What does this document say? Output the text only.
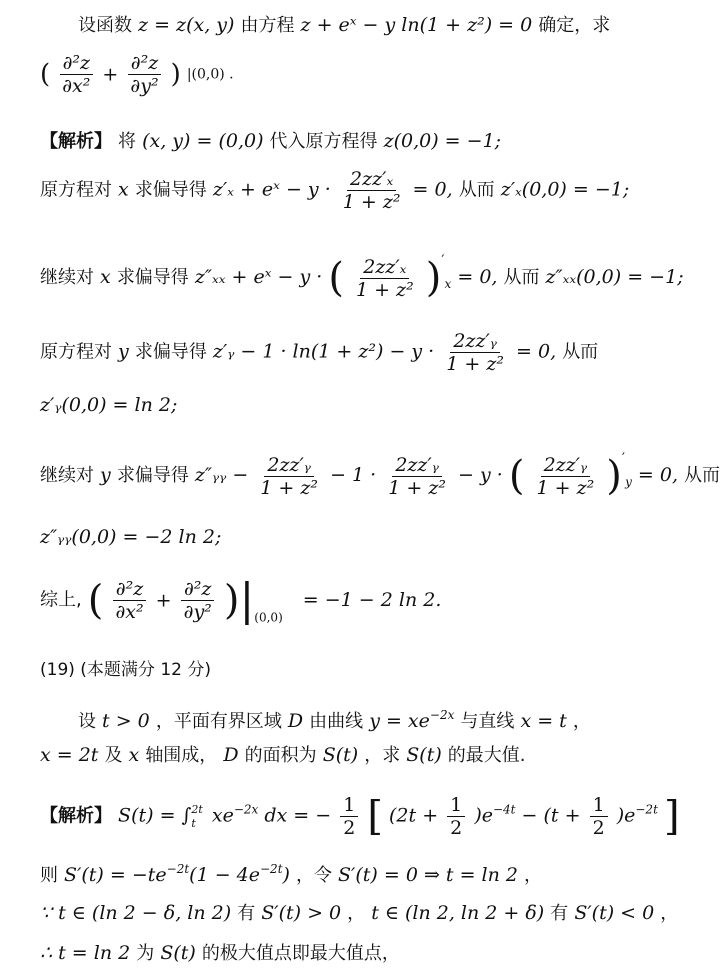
设函数 z = z(x, y) 由方程 z + eˣ − y ln(1 + z²) = 0 确定，求
( $\frac{\text{∂²z}}{\text{∂x²}} + \frac{\text{∂²z}}{\text{∂y²}}$ ) |(0,0) .
【解析】 将 (x, y) = (0,0) 代入原方程得 z(0,0) = −1;
原方程对 x 求偏导得 z′ₓ + eˣ − $y \cdot \frac{\text{2zz′ₓ}}{\text{1 + z²}} = 0$, 从而 z′ₓ(0,0) = −1;
继续对 x 求偏导得 z″ₓₓ + eˣ − y · ( $\frac{\text{2zz′ₓ}}{\text{1 + z²}} )'_x = 0$, 从而 z″ₓₓ(0,0) = −1;
原方程对 y 求偏导得 z′ᵧ − $1 \cdot \ln(1 + z^2) - y \cdot \frac{\text{2zz′ᵧ}}{\text{1 + z²}} = 0$, 从而
z′ᵧ(0,0) = ln 2;
继续对 y 求偏导得 z″ᵧᵧ − $\frac{\text{2zz′ᵧ}}{\text{1 + z²}} - 1 \cdot \frac{\text{2zz′ᵧ}}{\text{1 + z²}} - y$ · ( $\frac{\text{2zz′ᵧ}}{\text{1 + z²}} )'_y = 0$, 从而
z″ᵧᵧ(0,0) = −2 ln 2;
综上, ( $\frac{\text{∂²z}}{\text{∂x²}} + \frac{\text{∂²z}}{\text{∂y²}} )|_{(0,0)} = -1 - 2$ ln 2.
(19) (本题满分 12 分)
设 t > 0 ，平面有界区域 D 由曲线 $y = xe^{-2x}$ 与直线 x = t ，
x = 2t 及 x 轴围成， D 的面积为 S(t) ，求 S(t) 的最大值.
【解析】 S(t) = ∫ 2t
t $xe^{-2x}$ dx = − $\frac{1}{2}$ [ $(2t + \frac{1}{2} )e^{-4t} - (t + \frac{1}{2} )e^{-2t}$ ]
则 $S'(t) = -te^{-2t}(1 - 4e^{-2t})$ ，令 S′(t) = 0 ⇒ t = ln 2 ，
∵ t ∈ (ln 2 − δ, ln 2) 有 S′(t) > 0 ， t ∈ (ln 2, ln 2 + δ) 有 S′(t) < 0 ，
∴ t = ln 2 为 S(t) 的极大值点即最大值点，
